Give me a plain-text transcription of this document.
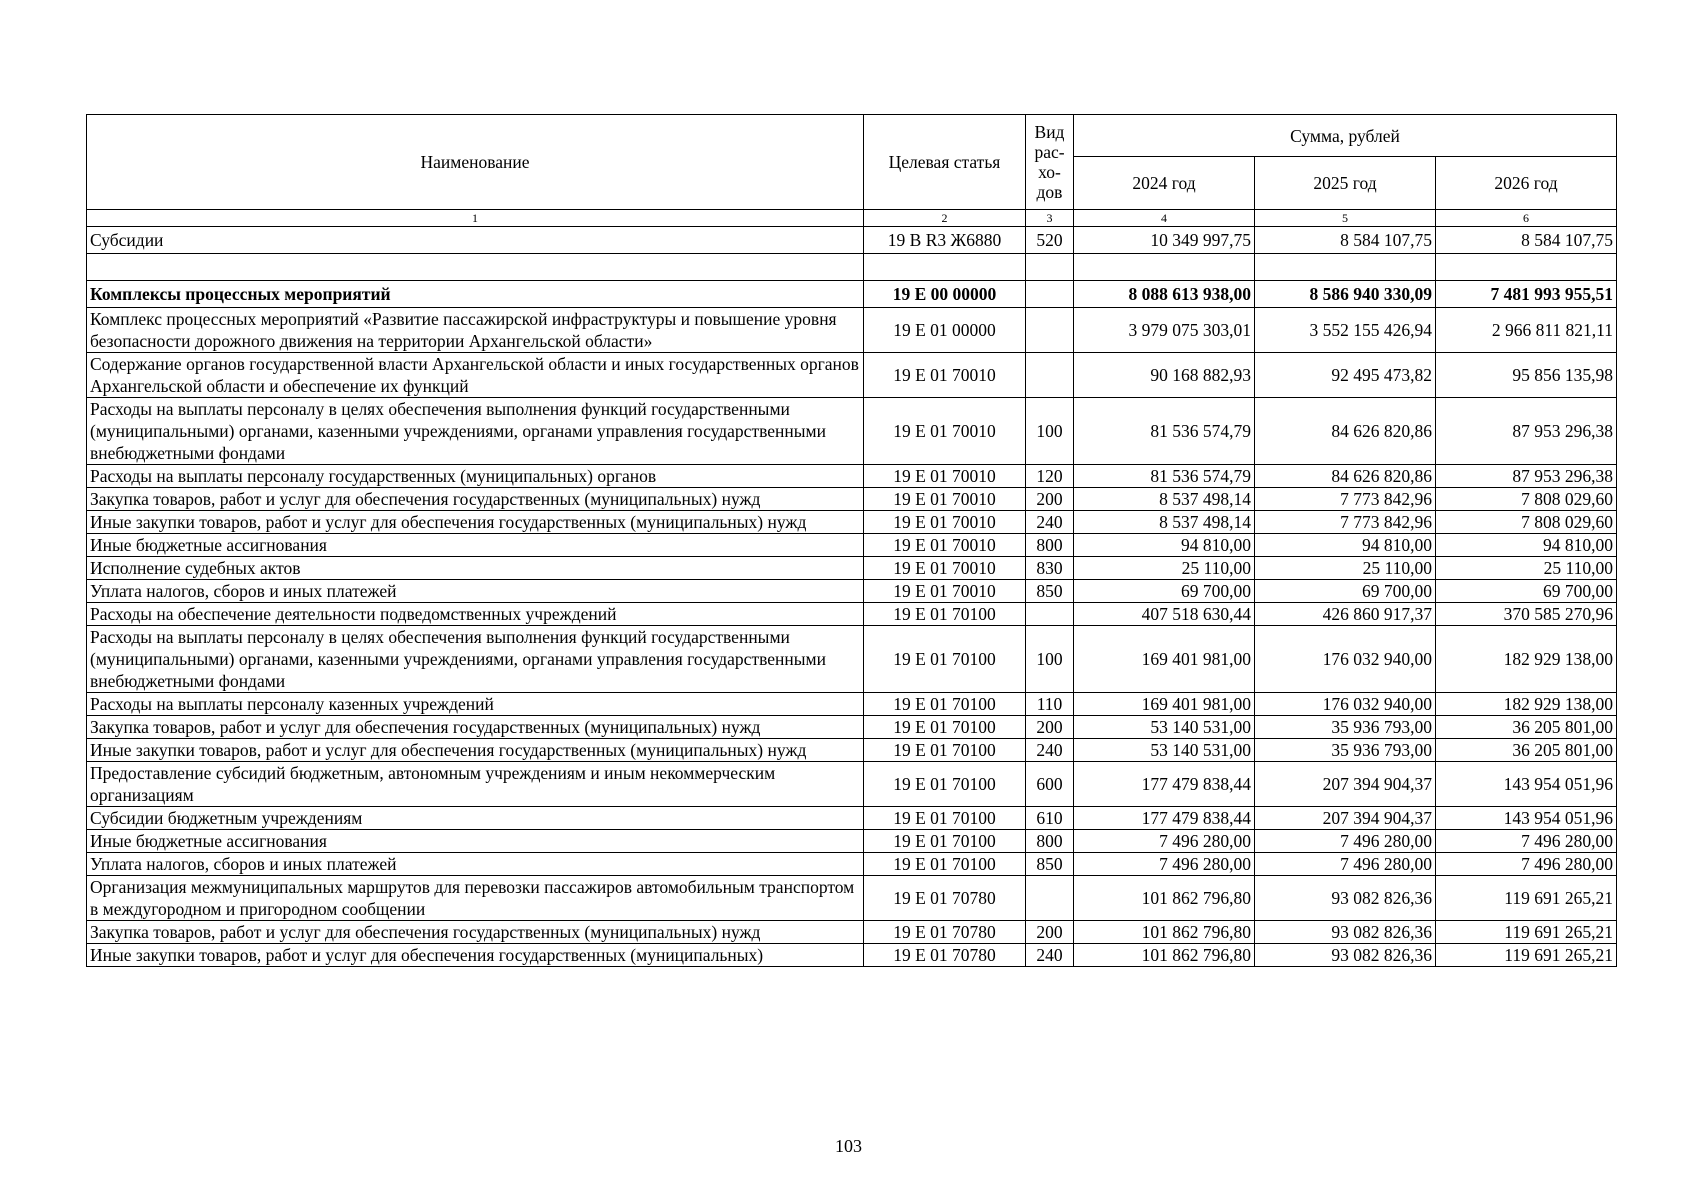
Наименование	Целевая статья	Вид рас- хо- дов	Сумма, рублей		
			2024 год	2025 год	2026 год
1	2	3	4	5	6
Субсидии	19 В R3 Ж6880	520	10 349 997,75	8 584 107,75	8 584 107,75

Комплексы процессных мероприятий	19 Е 00 00000		8 088 613 938,00	8 586 940 330,09	7 481 993 955,51
Комплекс процессных мероприятий «Развитие пассажирской инфраструктуры и повышение уровня безопасности дорожного движения на территории Архангельской области»	19 Е 01 00000		3 979 075 303,01	3 552 155 426,94	2 966 811 821,11
Содержание органов государственной власти Архангельской области и иных государственных органов Архангельской области и обеспечение их функций	19 Е 01 70010		90 168 882,93	92 495 473,82	95 856 135,98
Расходы на выплаты персоналу в целях обеспечения выполнения функций государственными (муниципальными) органами, казенными учреждениями, органами управления государственными внебюджетными фондами	19 Е 01 70010	100	81 536 574,79	84 626 820,86	87 953 296,38
Расходы на выплаты персоналу государственных (муниципальных) органов	19 Е 01 70010	120	81 536 574,79	84 626 820,86	87 953 296,38
Закупка товаров, работ и услуг для обеспечения государственных (муниципальных) нужд	19 Е 01 70010	200	8 537 498,14	7 773 842,96	7 808 029,60
Иные закупки товаров, работ и услуг для обеспечения государственных (муниципальных) нужд	19 Е 01 70010	240	8 537 498,14	7 773 842,96	7 808 029,60
Иные бюджетные ассигнования	19 Е 01 70010	800	94 810,00	94 810,00	94 810,00
Исполнение судебных актов	19 Е 01 70010	830	25 110,00	25 110,00	25 110,00
Уплата налогов, сборов и иных платежей	19 Е 01 70010	850	69 700,00	69 700,00	69 700,00
Расходы на обеспечение деятельности подведомственных учреждений	19 Е 01 70100		407 518 630,44	426 860 917,37	370 585 270,96
Расходы на выплаты персоналу в целях обеспечения выполнения функций государственными (муниципальными) органами, казенными учреждениями, органами управления государственными внебюджетными фондами	19 Е 01 70100	100	169 401 981,00	176 032 940,00	182 929 138,00
Расходы на выплаты персоналу казенных учреждений	19 Е 01 70100	110	169 401 981,00	176 032 940,00	182 929 138,00
Закупка товаров, работ и услуг для обеспечения государственных (муниципальных) нужд	19 Е 01 70100	200	53 140 531,00	35 936 793,00	36 205 801,00
Иные закупки товаров, работ и услуг для обеспечения государственных (муниципальных) нужд	19 Е 01 70100	240	53 140 531,00	35 936 793,00	36 205 801,00
Предоставление субсидий бюджетным, автономным учреждениям и иным некоммерческим организациям	19 Е 01 70100	600	177 479 838,44	207 394 904,37	143 954 051,96
Субсидии бюджетным учреждениям	19 Е 01 70100	610	177 479 838,44	207 394 904,37	143 954 051,96
Иные бюджетные ассигнования	19 Е 01 70100	800	7 496 280,00	7 496 280,00	7 496 280,00
Уплата налогов, сборов и иных платежей	19 Е 01 70100	850	7 496 280,00	7 496 280,00	7 496 280,00
Организация межмуниципальных маршрутов для перевозки пассажиров автомобильным транспортом в междугородном и пригородном сообщении	19 Е 01 70780		101 862 796,80	93 082 826,36	119 691 265,21
Закупка товаров, работ и услуг для обеспечения государственных (муниципальных) нужд	19 Е 01 70780	200	101 862 796,80	93 082 826,36	119 691 265,21
Иные закупки товаров, работ и услуг для обеспечения государственных (муниципальных)	19 Е 01 70780	240	101 862 796,80	93 082 826,36	119 691 265,21
103
